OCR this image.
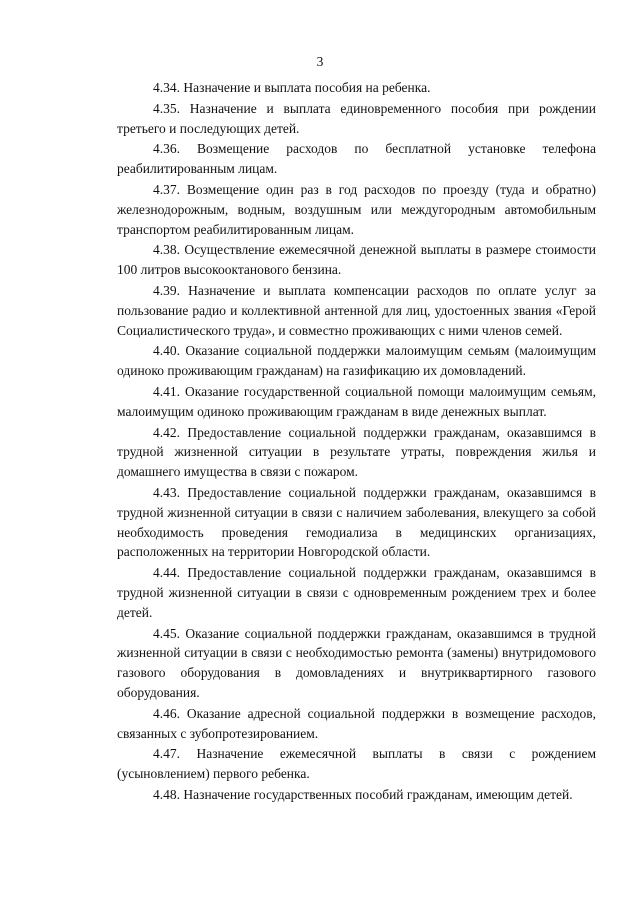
3

4.34. Назначение и выплата пособия на ребенка.

4.35. Назначение и выплата единовременного пособия при рождении третьего и последующих детей.

4.36. Возмещение расходов по бесплатной установке телефона реабилитированным лицам.

4.37. Возмещение один раз в год расходов по проезду (туда и обратно) железнодорожным, водным, воздушным или междугородным автомобильным транспортом реабилитированным лицам.

4.38. Осуществление ежемесячной денежной выплаты в размере стоимости 100 литров высокооктанового бензина.

4.39. Назначение и выплата компенсации расходов по оплате услуг за пользование радио и коллективной антенной для лиц, удостоенных звания «Герой Социалистического труда», и совместно проживающих с ними членов семей.

4.40. Оказание социальной поддержки малоимущим семьям (малоимущим одиноко проживающим гражданам) на газификацию их домовладений.

4.41. Оказание государственной социальной помощи малоимущим семьям, малоимущим одиноко проживающим гражданам в виде денежных выплат.

4.42. Предоставление социальной поддержки гражданам, оказавшимся в трудной жизненной ситуации в результате утраты, повреждения жилья и домашнего имущества в связи с пожаром.

4.43. Предоставление социальной поддержки гражданам, оказавшимся в трудной жизненной ситуации в связи с наличием заболевания, влекущего за собой необходимость проведения гемодиализа в медицинских организациях, расположенных на территории Новгородской области.

4.44. Предоставление социальной поддержки гражданам, оказавшимся в трудной жизненной ситуации в связи с одновременным рождением трех и более детей.

4.45. Оказание социальной поддержки гражданам, оказавшимся в трудной жизненной ситуации в связи с необходимостью ремонта (замены) внутридомового газового оборудования в домовладениях и внутриквартирного газового оборудования.

4.46. Оказание адресной социальной поддержки в возмещение расходов, связанных с зубопротезированием.

4.47. Назначение ежемесячной выплаты в связи с рождением (усыновлением) первого ребенка.

4.48. Назначение государственных пособий гражданам, имеющим детей.
